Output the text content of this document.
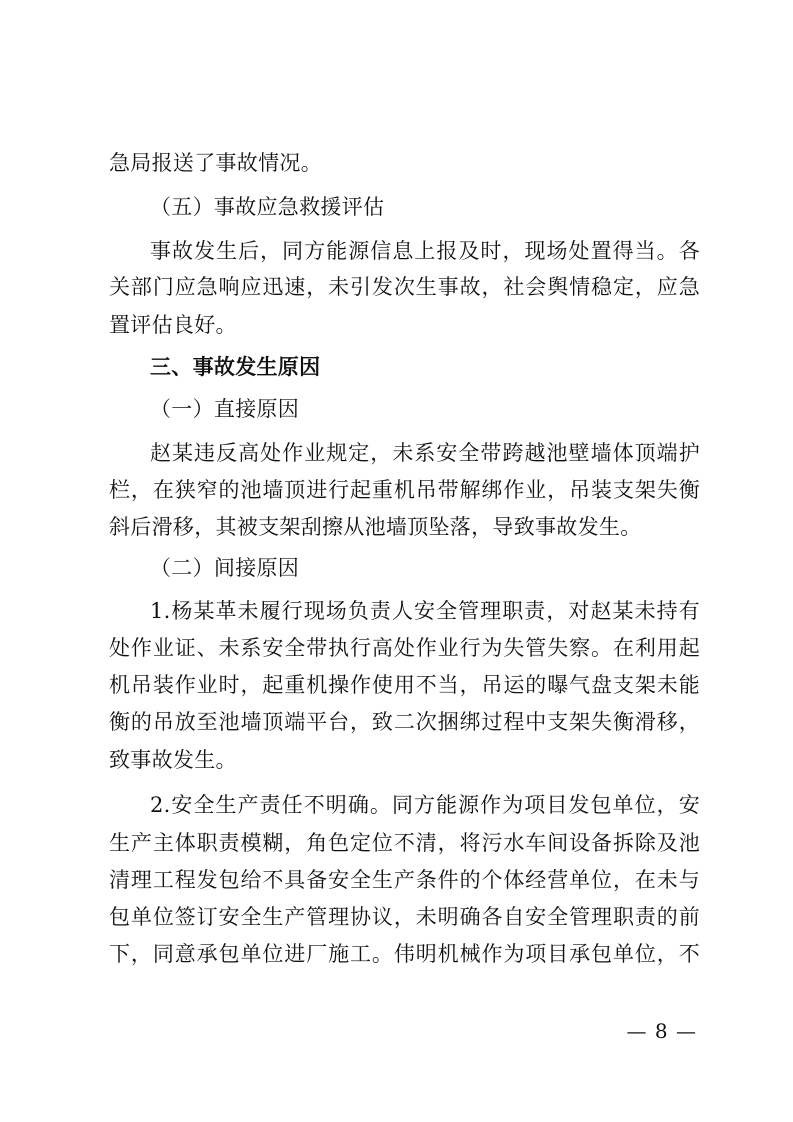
急局报送了事故情况。
（五）事故应急救援评估
事故发生后，同方能源信息上报及时，现场处置得当。各
关部门应急响应迅速，未引发次生事故，社会舆情稳定，应急
置评估良好。
三、事故发生原因
（一）直接原因
赵某违反高处作业规定，未系安全带跨越池壁墙体顶端护
栏，在狭窄的池墙顶进行起重机吊带解绑作业，吊装支架失衡
斜后滑移，其被支架刮擦从池墙顶坠落，导致事故发生。
（二）间接原因
1.杨某革未履行现场负责人安全管理职责，对赵某未持有
处作业证、未系安全带执行高处作业行为失管失察。在利用起
机吊装作业时，起重机操作使用不当，吊运的曝气盘支架未能
衡的吊放至池墙顶端平台，致二次捆绑过程中支架失衡滑移，
致事故发生。
2.安全生产责任不明确。同方能源作为项目发包单位，安
生产主体职责模糊，角色定位不清，将污水车间设备拆除及池
清理工程发包给不具备安全生产条件的个体经营单位，在未与
包单位签订安全生产管理协议，未明确各自安全管理职责的前
下，同意承包单位进厂施工。伟明机械作为项目承包单位，不
— 8 —
